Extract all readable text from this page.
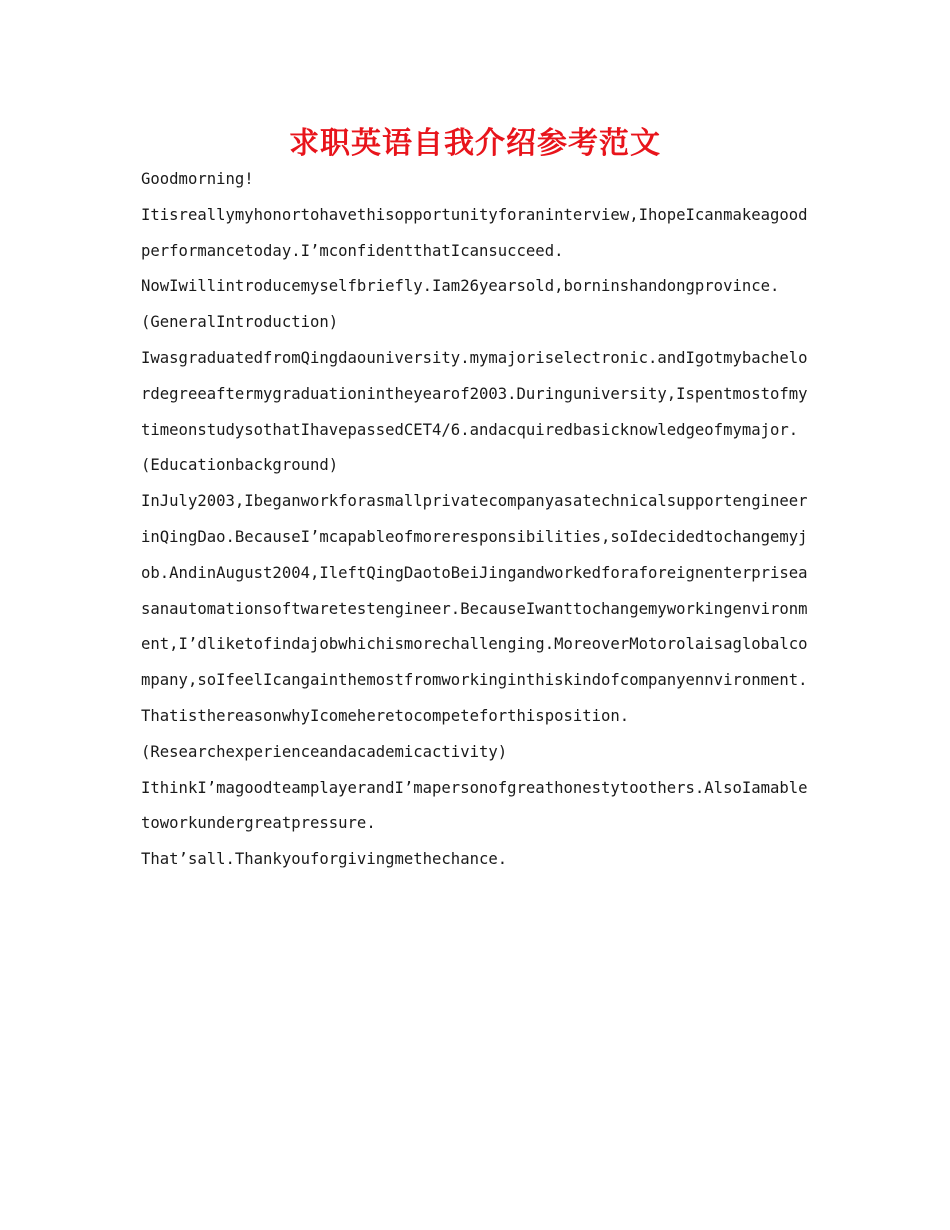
求职英语自我介绍参考范文

Goodmorning!

Itisreallymyhonortohavethisopportunityforaninterview,IhopeIcanmakeagoodperformancetoday.I’mconfidentthatIcansucceed.

NowIwillintroducemyselfbriefly.Iam26yearsold,borninshandongprovince.

(GeneralIntroduction)

IwasgraduatedfromQingdaouniversity.mymajoriselectronic.andIgotmybachelordegreeaftermygraduationintheyearof2003.Duringuniversity,IspentmostofmytimeonstudysothatIhavepassedCET4/6.andacquiredbasicknowledgeofmymajor.

(Educationbackground)

InJuly2003,IbeganworkforasmallprivatecompanyasatechnicalsupportengineerinQingDao.BecauseI’mcapableofmoreresponsibilities,soIdecidedtochangemyjob.AndinAugust2004,IleftQingDaotoBeiJingandworkedforaforeignenterpriseasanautomationsoftwaretestengineer.BecauseIwanttochangemyworkingenvironment,I’dliketofindajobwhichismorechallenging.MoreoverMotorolaisaglobalcompany,soIfeelIcangainthemostfromworkinginthiskindofcompanyennvironment.ThatisthereasonwhyIcomeheretocompeteforthisposition.

(Researchexperienceandacademicactivity)

IthinkI’magoodteamplayerandI’mapersonofgreathonestytoothers.AlsoIamabletoworkundergreatpressure.

That’sall.Thankyouforgivingmethechance.
